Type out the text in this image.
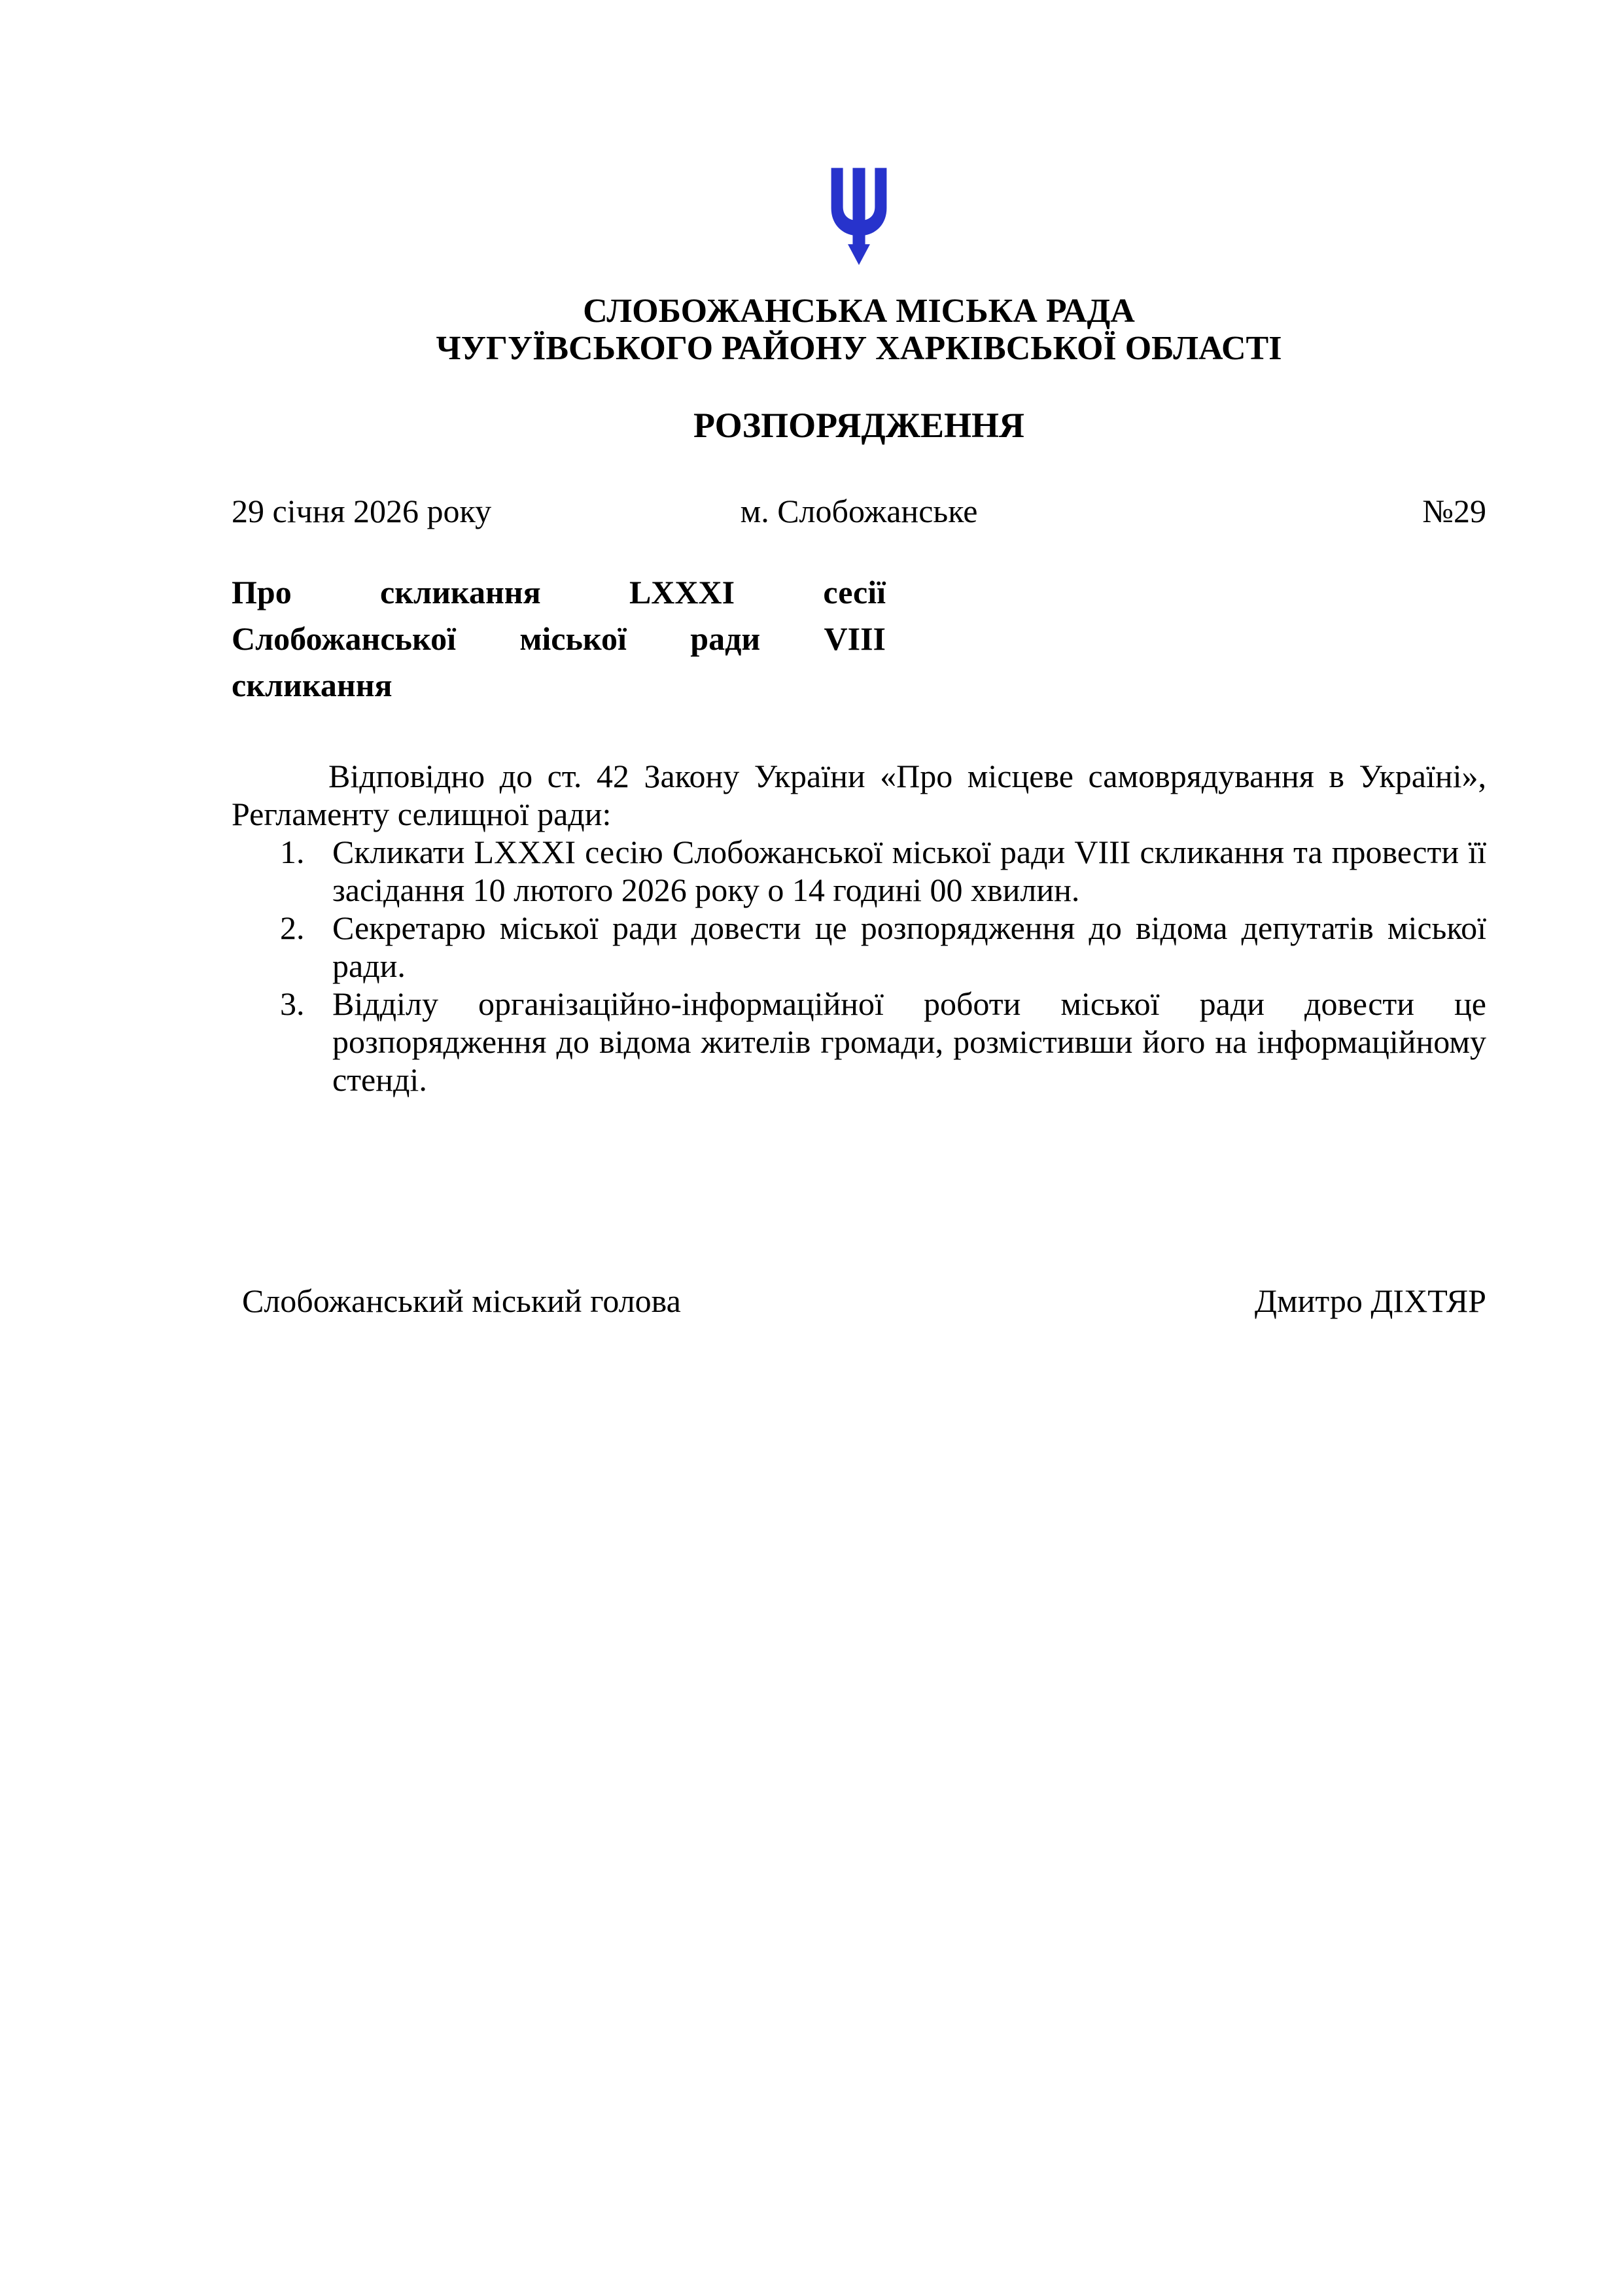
СЛОБОЖАНСЬКА МІСЬКА РАДА
ЧУГУЇВСЬКОГО РАЙОНУ ХАРКІВСЬКОЇ ОБЛАСТІ
РОЗПОРЯДЖЕННЯ
29 січня 2026 року	м. Слобожанське	№29
Про скликання LXXXI сесії
Слобожанської міської ради VIII
скликання

Відповідно до ст. 42 Закону України «Про місцеве самоврядування в Україні», Регламенту селищної ради:

1. Скликати LXXXI сесію Слобожанської міської ради VIII скликання та провести її засідання 10 лютого 2026 року о 14 годині 00 хвилин.
2. Секретарю міської ради довести це розпорядження до відома депутатів міської ради.
3. Відділу організаційно-інформаційної роботи міської ради довести це розпорядження до відома жителів громади, розмістивши його на інформаційному стенді.
Слобожанський міський голова	Дмитро ДІХТЯР
